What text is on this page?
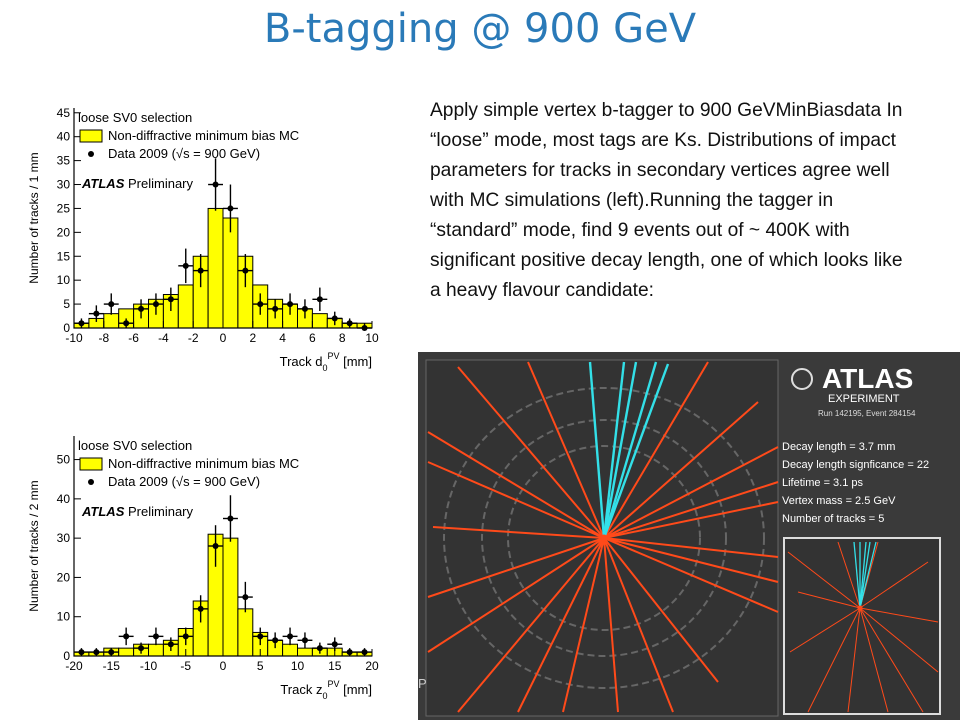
B-tagging @ 900 GeV
Apply simple vertex b-tagger to 900 GeVMinBiasdata In “loose” mode, most tags are Ks. Distributions of impact parameters for tracks in secondary vertices agree well with MC simulations (left).Running the tagger in “standard” mode, find 9 events out of ~ 400K with significant positive decay length, one of which looks like a heavy flavour candidate:
-10 -8 -6 -4 -2 0 2 4 6 8 10
0
5
10
15
20
25
30
35
40
45
Number of tracks / 1 mm
Track $d_0^{PV}$ [mm]
loose SV0 selection
Non-diffractive minimum bias MC
Data 2009 (√s = 900 GeV)
ATLAS Preliminary
-20 -15 -10 -5 0	5 10 15 20
0
10
20
30
40
50
Number of tracks / 2 mm
Track $z_0^{PV}$ [mm]
loose SV0 selection
Non-diffractive minimum bias MC
Data 2009 (√s = 900 GeV)
ATLAS Preliminary
P
ATLAS
EXPERIMENT
Run 142195, Event 284154
Decay length = 3.7 mm
Decay length signficance = 22
Lifetime = 3.1 ps
Vertex mass = 2.5 GeV
Number of tracks = 5
